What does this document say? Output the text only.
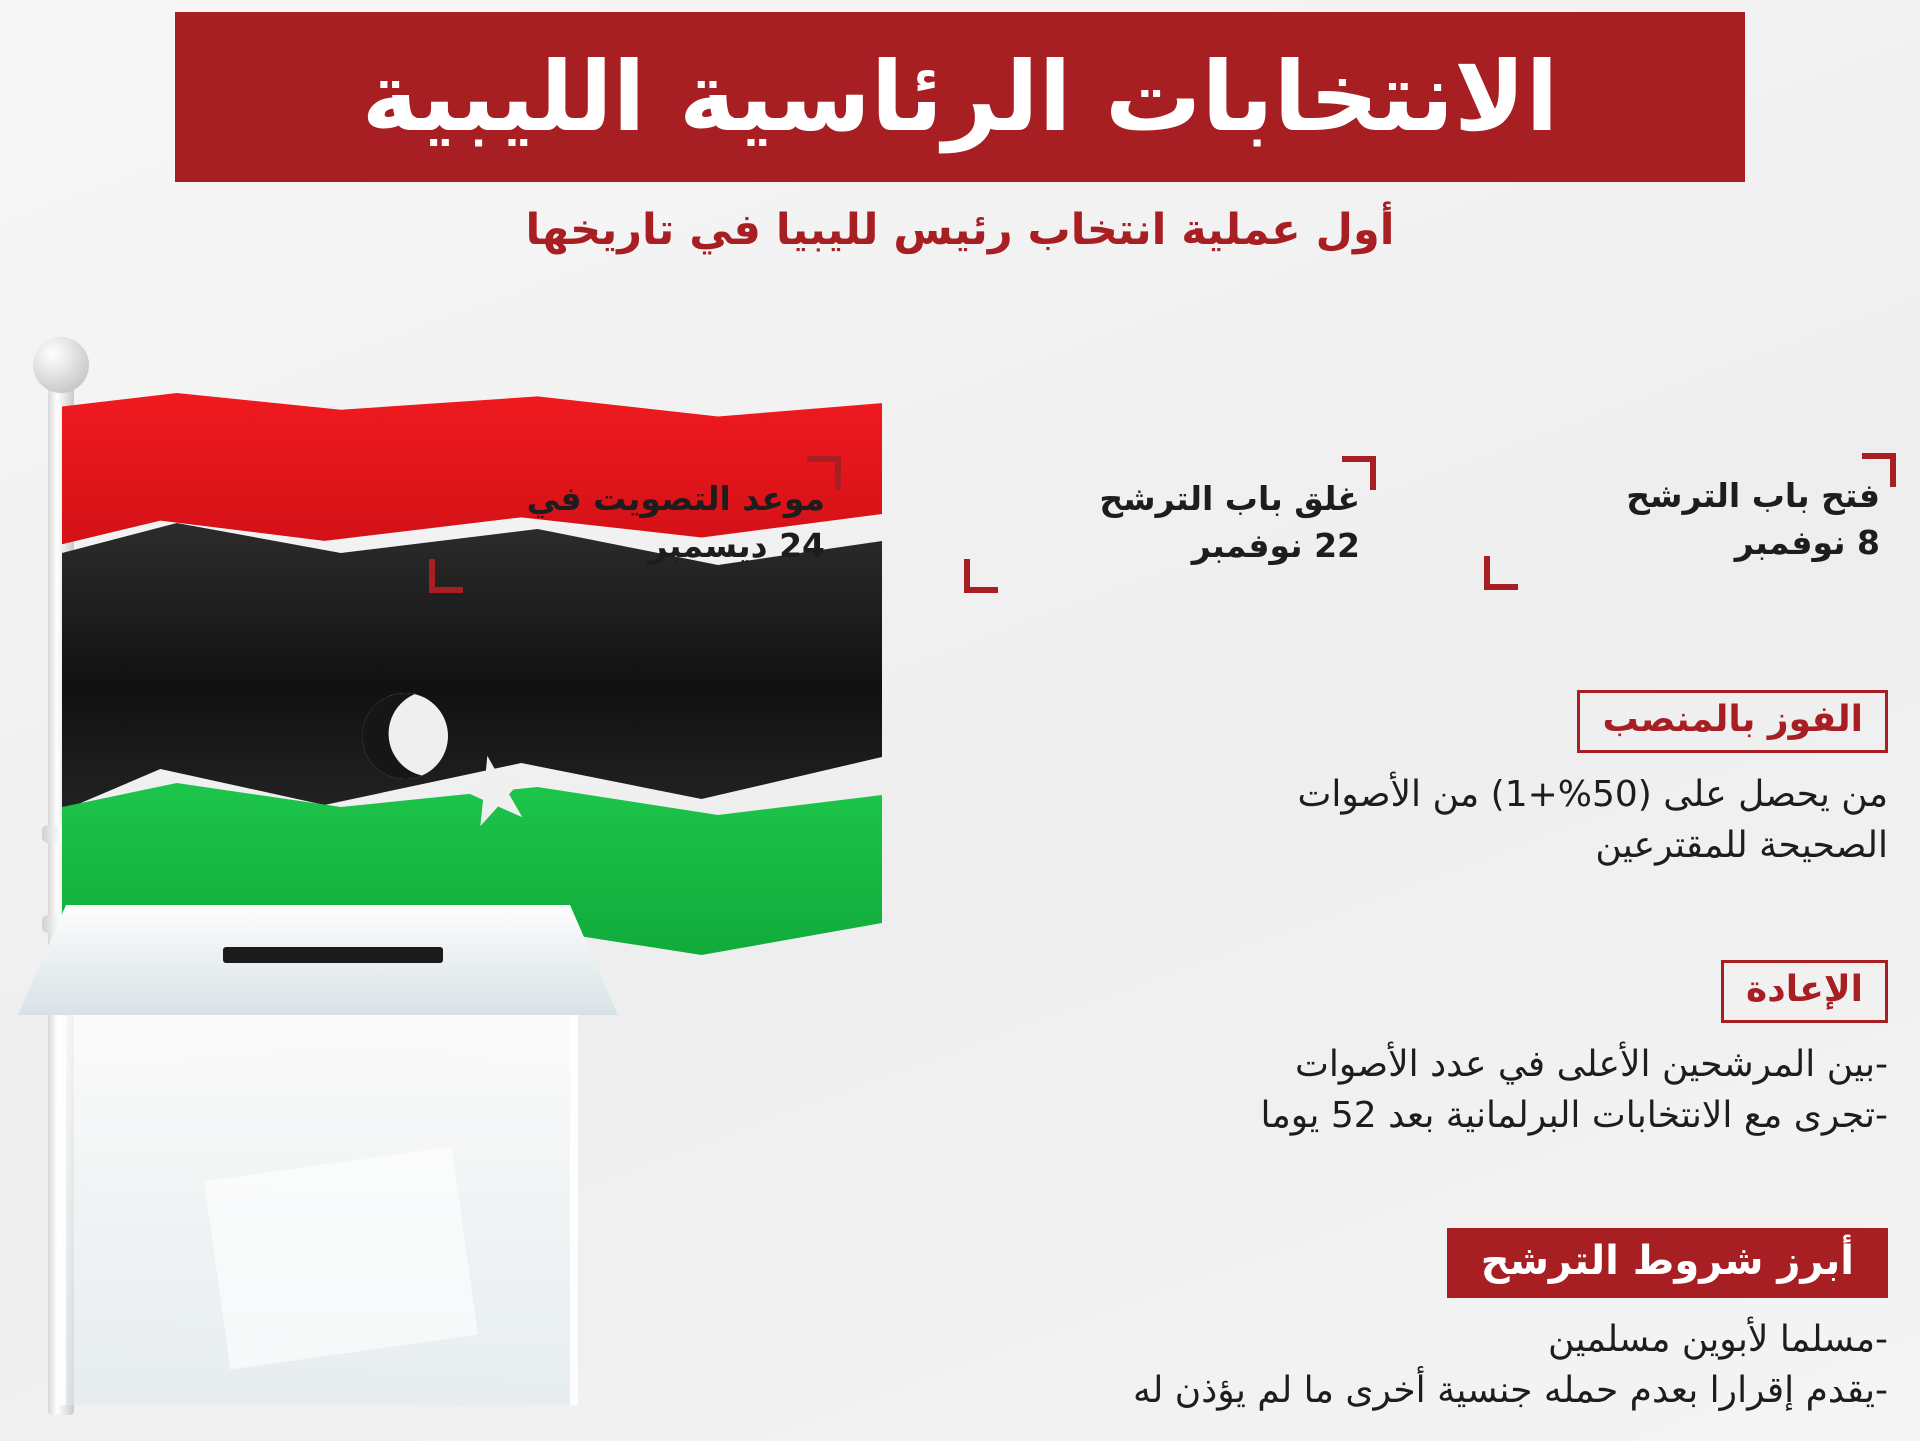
الانتخابات الرئاسية الليبية
أول عملية انتخاب رئيس لليبيا في تاريخها
فتح باب الترشح
8 نوفمبر
غلق باب الترشح
22 نوفمبر
موعد التصويت في
24 ديسمبر
الفوز بالمنصب
من يحصل على (50%+1) من الأصوات
الصحيحة للمقترعين
الإعادة
-بين المرشحين الأعلى في عدد الأصوات
-تجرى مع الانتخابات البرلمانية بعد 52 يوما
أبرز شروط الترشح
-مسلما لأبوين مسلمين
-يقدم إقرارا بعدم حمله جنسية أخرى ما لم يؤذن له
